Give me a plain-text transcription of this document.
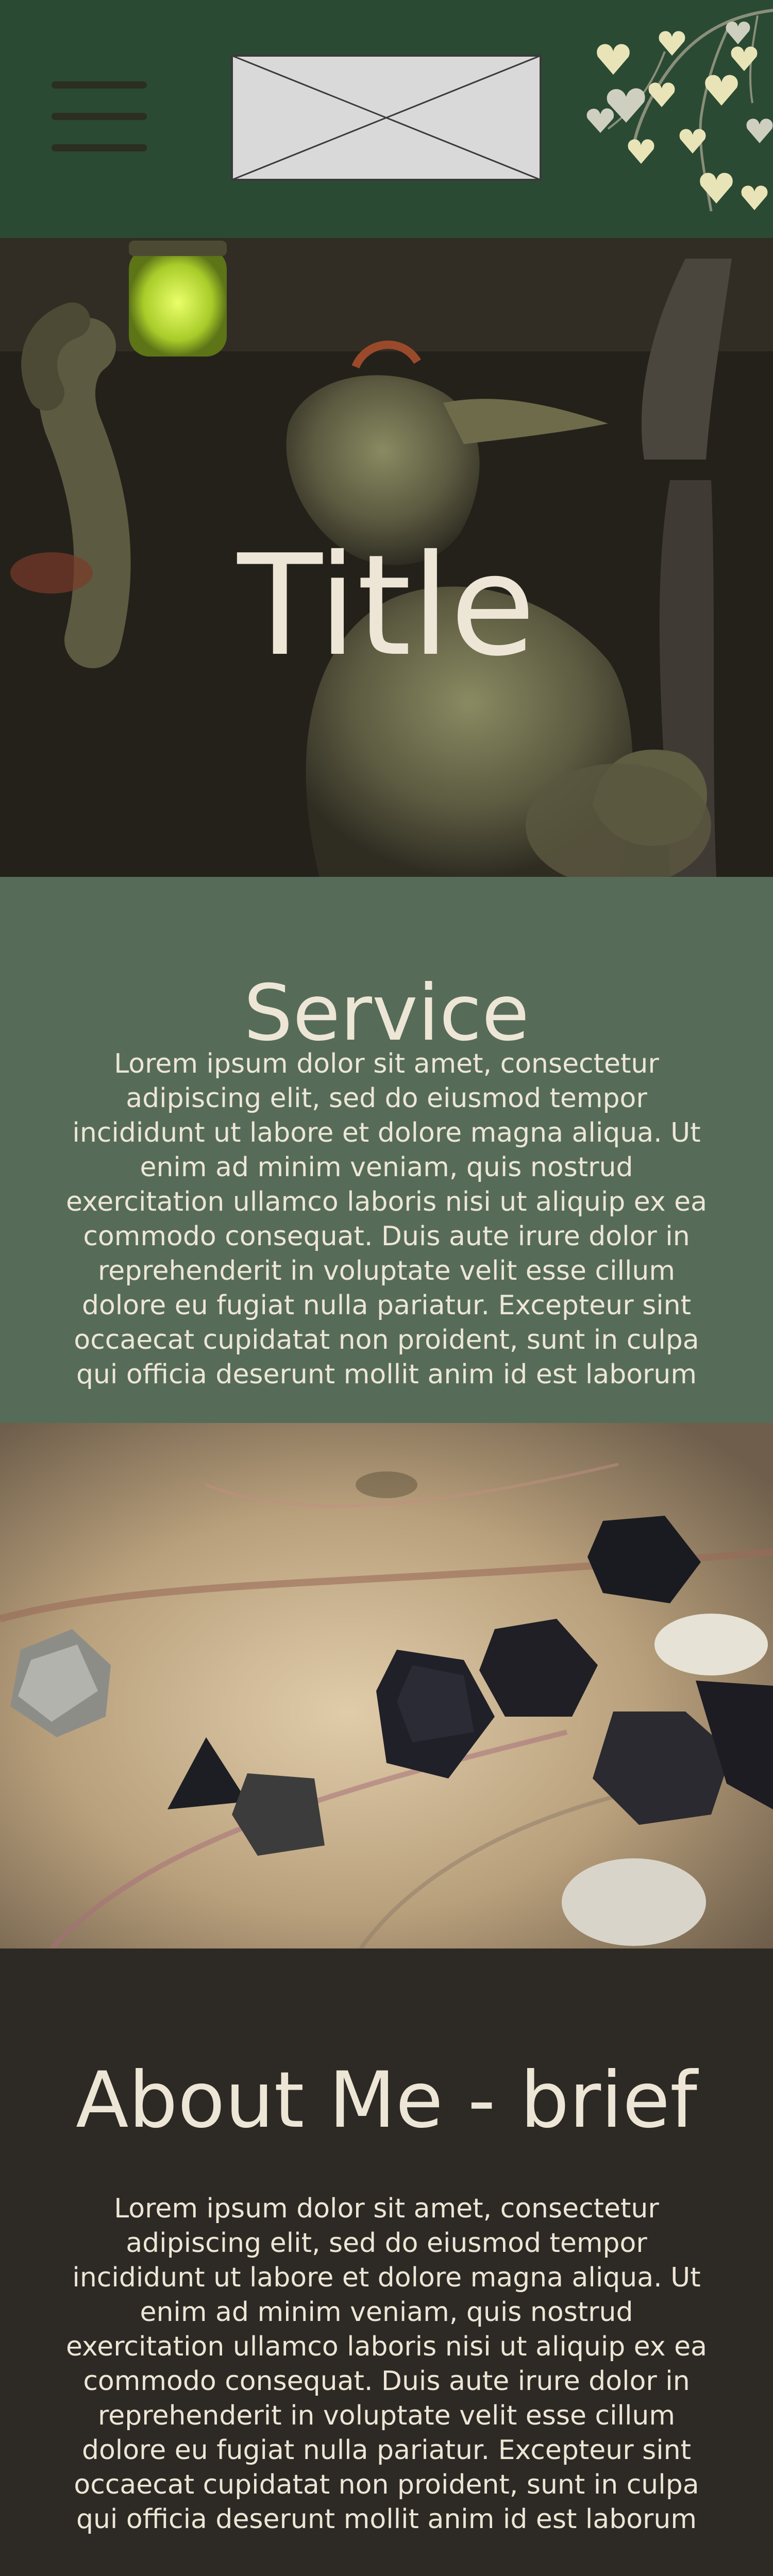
Title
Service

Lorem ipsum dolor sit amet, consectetur adipiscing elit, sed do eiusmod tempor incididunt ut labore et dolore magna aliqua. Ut enim ad minim veniam, quis nostrud exercitation ullamco laboris nisi ut aliquip ex ea commodo consequat. Duis aute irure dolor in reprehenderit in voluptate velit esse cillum dolore eu fugiat nulla pariatur. Excepteur sint occaecat cupidatat non proident, sunt in culpa qui officia deserunt mollit anim id est laborum

About Me - brief

Lorem ipsum dolor sit amet, consectetur adipiscing elit, sed do eiusmod tempor incididunt ut labore et dolore magna aliqua. Ut enim ad minim veniam, quis nostrud exercitation ullamco laboris nisi ut aliquip ex ea commodo consequat. Duis aute irure dolor in reprehenderit in voluptate velit esse cillum dolore eu fugiat nulla pariatur. Excepteur sint occaecat cupidatat non proident, sunt in culpa qui officia deserunt mollit anim id est laborum
